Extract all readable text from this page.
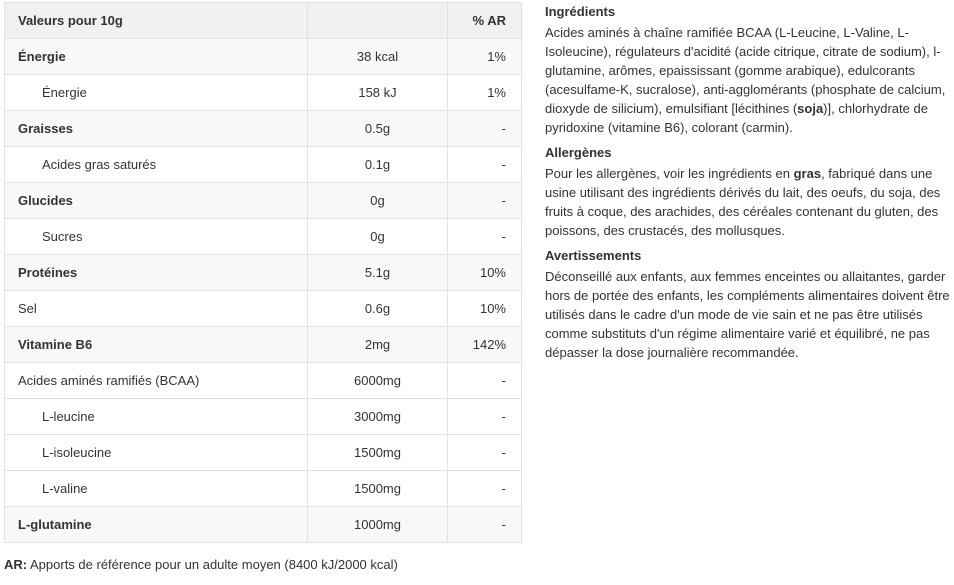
Valeurs pour 10g		% AR
Énergie	38 kcal	1%
Énergie	158 kJ	1%
Graisses	0.5g	-
Acides gras saturés	0.1g	-
Glucides	0g	-
Sucres	0g	-
Protéines	5.1g	10%
Sel	0.6g	10%
Vitamine B6	2mg	142%
Acides aminés ramifiés (BCAA)	6000mg	-
L-leucine	3000mg	-
L-isoleucine	1500mg	-
L-valine	1500mg	-
L-glutamine	1000mg	-
AR: Apports de référence pour un adulte moyen (8400 kJ/2000 kcal)
Ingrédients

Acides aminés à chaîne ramifiée BCAA (L-Leucine, L-Valine, L-Isoleucine), régulateurs d'acidité (acide citrique, citrate de sodium), l-glutamine, arômes, epaississant (gomme arabique), edulcorants (acesulfame-K, sucralose), anti-agglomérants (phosphate de calcium, dioxyde de silicium), emulsifiant [lécithines (soja)], chlorhydrate de pyridoxine (vitamine B6), colorant (carmin).

Allergènes

Pour les allergènes, voir les ingrédients en gras, fabriqué dans une usine utilisant des ingrédients dérivés du lait, des oeufs, du soja, des fruits à coque, des arachides, des céréales contenant du gluten, des poissons, des crustacés, des mollusques.

Avertissements

Déconseillé aux enfants, aux femmes enceintes ou allaitantes, garder hors de portée des enfants, les compléments alimentaires doivent être utilisés dans le cadre d'un mode de vie sain et ne pas être utilisés comme substituts d'un régime alimentaire varié et équilibré, ne pas dépasser la dose journalière recommandée.
